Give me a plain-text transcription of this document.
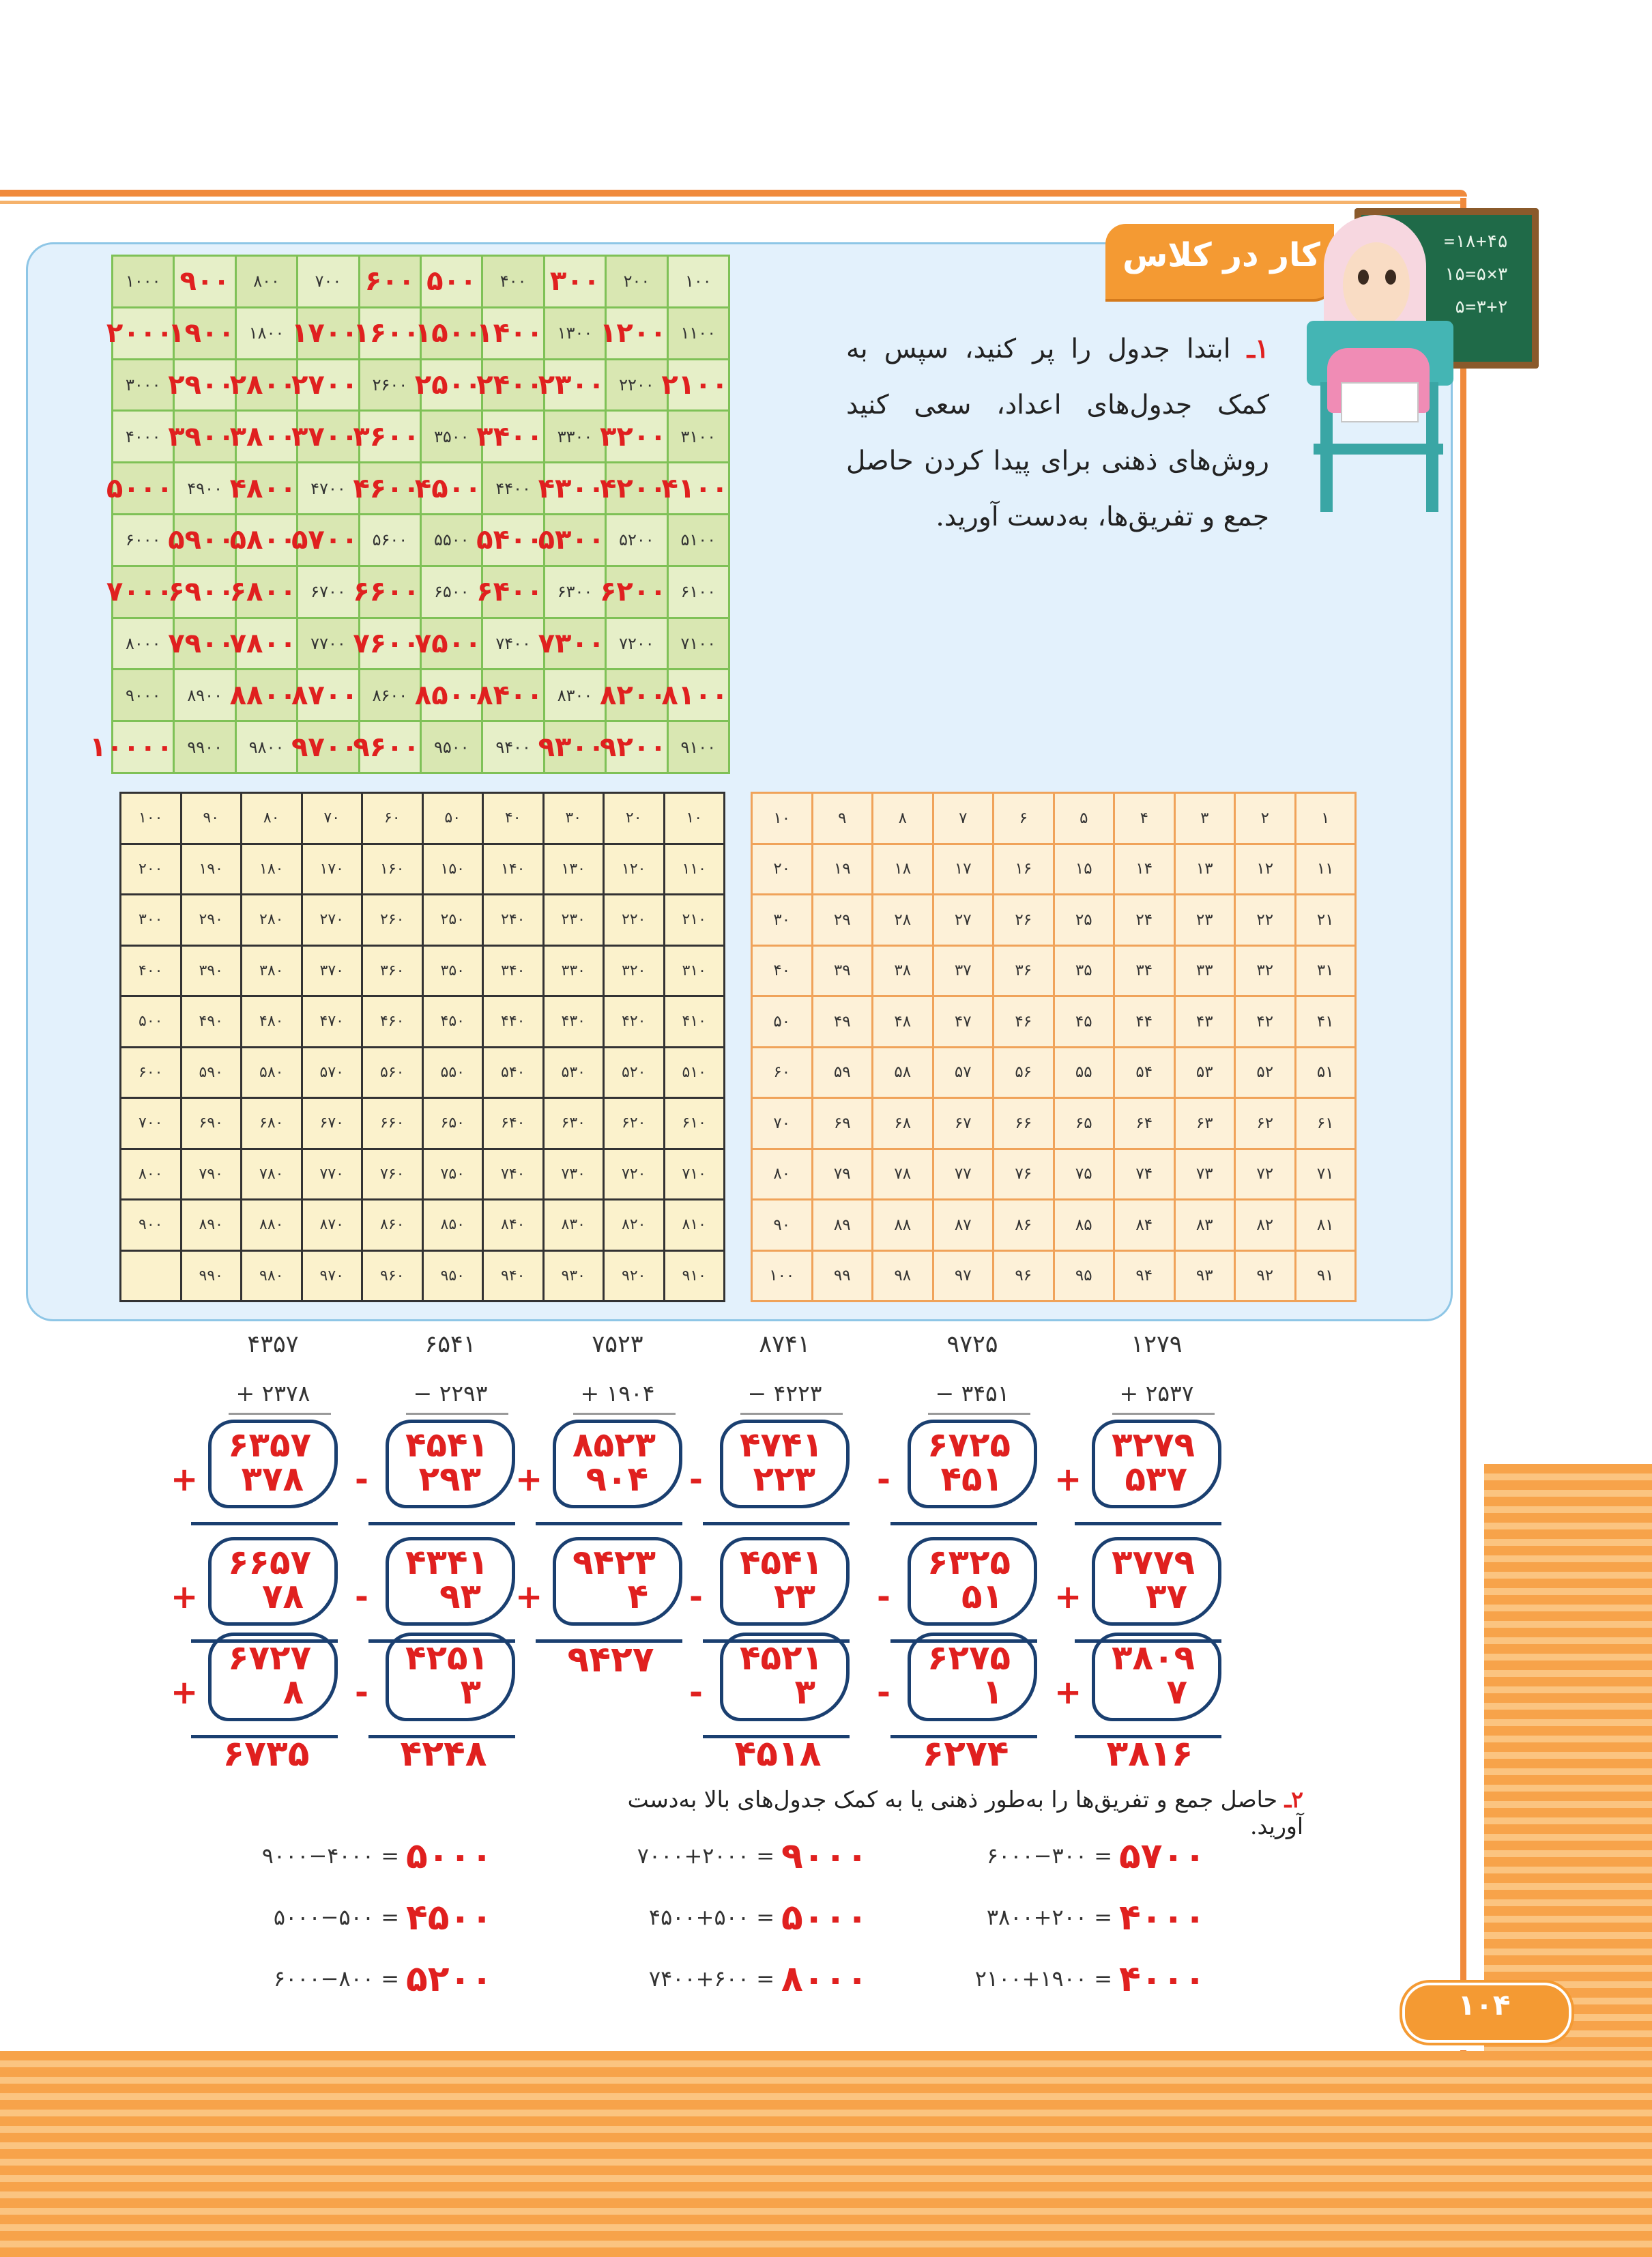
کار در کلاس	۱۸+۴۵=
۳×۵=۱۵
۳+۲=۵
۱ـ ابتدا جدول را پر کنید، سپس به کمک جدول‌های اعداد، سعی کنید روش‌های ذهنی برای پیدا کردن حاصل جمع و تفریق‌ها، به‌دست آورید.
۱۰۰	۲۰۰	۳۰۰	۴۰۰	۵۰۰	۶۰۰	۷۰۰	۸۰۰	۹۰۰	۱۰۰۰
۱۱۰۰	۱۲۰۰	۱۳۰۰	۱۴۰۰	۱۵۰۰	۱۶۰۰	۱۷۰۰	۱۸۰۰	۱۹۰۰	۲۰۰۰
۲۱۰۰	۲۲۰۰	۲۳۰۰	۲۴۰۰	۲۵۰۰	۲۶۰۰	۲۷۰۰	۲۸۰۰	۲۹۰۰	۳۰۰۰
۳۱۰۰	۳۲۰۰	۳۳۰۰	۳۴۰۰	۳۵۰۰	۳۶۰۰	۳۷۰۰	۳۸۰۰	۳۹۰۰	۴۰۰۰
۴۱۰۰	۴۲۰۰	۴۳۰۰	۴۴۰۰	۴۵۰۰	۴۶۰۰	۴۷۰۰	۴۸۰۰	۴۹۰۰	۵۰۰۰
۵۱۰۰	۵۲۰۰	۵۳۰۰	۵۴۰۰	۵۵۰۰	۵۶۰۰	۵۷۰۰	۵۸۰۰	۵۹۰۰	۶۰۰۰
۶۱۰۰	۶۲۰۰	۶۳۰۰	۶۴۰۰	۶۵۰۰	۶۶۰۰	۶۷۰۰	۶۸۰۰	۶۹۰۰	۷۰۰۰
۷۱۰۰	۷۲۰۰	۷۳۰۰	۷۴۰۰	۷۵۰۰	۷۶۰۰	۷۷۰۰	۷۸۰۰	۷۹۰۰	۸۰۰۰
۸۱۰۰	۸۲۰۰	۸۳۰۰	۸۴۰۰	۸۵۰۰	۸۶۰۰	۸۷۰۰	۸۸۰۰	۸۹۰۰	۹۰۰۰
۹۱۰۰	۹۲۰۰	۹۳۰۰	۹۴۰۰	۹۵۰۰	۹۶۰۰	۹۷۰۰	۹۸۰۰	۹۹۰۰	۱۰۰۰۰
۱۰	۲۰	۳۰	۴۰	۵۰	۶۰	۷۰	۸۰	۹۰	۱۰۰
۱۱۰	۱۲۰	۱۳۰	۱۴۰	۱۵۰	۱۶۰	۱۷۰	۱۸۰	۱۹۰	۲۰۰
۲۱۰	۲۲۰	۲۳۰	۲۴۰	۲۵۰	۲۶۰	۲۷۰	۲۸۰	۲۹۰	۳۰۰
۳۱۰	۳۲۰	۳۳۰	۳۴۰	۳۵۰	۳۶۰	۳۷۰	۳۸۰	۳۹۰	۴۰۰
۴۱۰	۴۲۰	۴۳۰	۴۴۰	۴۵۰	۴۶۰	۴۷۰	۴۸۰	۴۹۰	۵۰۰
۵۱۰	۵۲۰	۵۳۰	۵۴۰	۵۵۰	۵۶۰	۵۷۰	۵۸۰	۵۹۰	۶۰۰
۶۱۰	۶۲۰	۶۳۰	۶۴۰	۶۵۰	۶۶۰	۶۷۰	۶۸۰	۶۹۰	۷۰۰
۷۱۰	۷۲۰	۷۳۰	۷۴۰	۷۵۰	۷۶۰	۷۷۰	۷۸۰	۷۹۰	۸۰۰
۸۱۰	۸۲۰	۸۳۰	۸۴۰	۸۵۰	۸۶۰	۸۷۰	۸۸۰	۸۹۰	۹۰۰
۹۱۰	۹۲۰	۹۳۰	۹۴۰	۹۵۰	۹۶۰	۹۷۰	۹۸۰	۹۹۰	
۱	۲	۳	۴	۵	۶	۷	۸	۹	۱۰
۱۱	۱۲	۱۳	۱۴	۱۵	۱۶	۱۷	۱۸	۱۹	۲۰
۲۱	۲۲	۲۳	۲۴	۲۵	۲۶	۲۷	۲۸	۲۹	۳۰
۳۱	۳۲	۳۳	۳۴	۳۵	۳۶	۳۷	۳۸	۳۹	۴۰
۴۱	۴۲	۴۳	۴۴	۴۵	۴۶	۴۷	۴۸	۴۹	۵۰
۵۱	۵۲	۵۳	۵۴	۵۵	۵۶	۵۷	۵۸	۵۹	۶۰
۶۱	۶۲	۶۳	۶۴	۶۵	۶۶	۶۷	۶۸	۶۹	۷۰
۷۱	۷۲	۷۳	۷۴	۷۵	۷۶	۷۷	۷۸	۷۹	۸۰
۸۱	۸۲	۸۳	۸۴	۸۵	۸۶	۸۷	۸۸	۸۹	۹۰
۹۱	۹۲	۹۳	۹۴	۹۵	۹۶	۹۷	۹۸	۹۹	۱۰۰
۱۲۷۹
+ ۲۵۳۷
۳۲۷۹
۵۳۷
+
۳۷۷۹
۳۷
+
۳۸۰۹
۷
+
۳۸۱۶
۹۷۲۵
− ۳۴۵۱
۶۷۲۵
۴۵۱
-
۶۳۲۵
۵۱
-
۶۲۷۵
۱
-
۶۲۷۴
۸۷۴۱
− ۴۲۲۳
۴۷۴۱
۲۲۳
-
۴۵۴۱
۲۳
-
۴۵۲۱
۳
-
۴۵۱۸
۷۵۲۳
+ ۱۹۰۴
۸۵۲۳
۹۰۴
+
۹۴۲۳
۴
+
۹۴۲۷
۶۵۴۱
− ۲۲۹۳
۴۵۴۱
۲۹۳
-
۴۳۴۱
۹۳
-
۴۲۵۱
۳
-
۴۲۴۸
۴۳۵۷
+ ۲۳۷۸
۶۳۵۷
۳۷۸
+
۶۶۵۷
۷۸
+
۶۷۲۷
۸
+
۶۷۳۵
۲ـ حاصل جمع و تفریق‌ها را به‌طور ذهنی یا به کمک جدول‌های بالا به‌دست آورید.
۶۰۰۰−۳۰۰ = ۵۷۰۰
۷۰۰۰+۲۰۰۰ = ۹۰۰۰
۹۰۰۰−۴۰۰۰ = ۵۰۰۰
۳۸۰۰+۲۰۰ = ۴۰۰۰
۴۵۰۰+۵۰۰ = ۵۰۰۰
۵۰۰۰−۵۰۰ = ۴۵۰۰
۲۱۰۰+۱۹۰۰ = ۴۰۰۰
۷۴۰۰+۶۰۰ = ۸۰۰۰
۶۰۰۰−۸۰۰ = ۵۲۰۰
۱۰۴
